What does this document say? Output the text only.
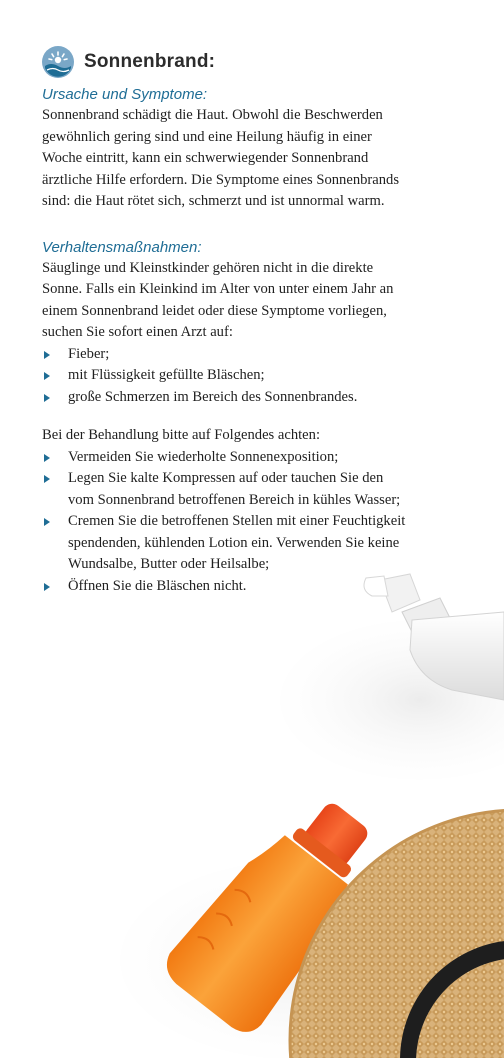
Sonnenbrand:

Ursache und Symptome:

Sonnenbrand schädigt die Haut. Obwohl die Beschwerden
gewöhnlich gering sind und eine Heilung häufig in einer
Woche eintritt, kann ein schwerwiegender Sonnenbrand
ärztliche Hilfe erfordern. Die Symptome eines Sonnenbrands
sind: die Haut rötet sich, schmerzt und ist unnormal warm.

Verhaltensmaßnahmen:

Säuglinge und Kleinstkinder gehören nicht in die direkte
Sonne. Falls ein Kleinkind im Alter von unter einem Jahr an
einem Sonnenbrand leidet oder diese Symptome vorliegen,
suchen Sie sofort einen Arzt auf:
Fieber;
mit Flüssigkeit gefüllte Bläschen;
große Schmerzen im Bereich des Sonnenbrandes.
Bei der Behandlung bitte auf Folgendes achten:
Vermeiden Sie wiederholte Sonnenexposition;
Legen Sie kalte Kompressen auf oder tauchen Sie den
vom Sonnenbrand betroffenen Bereich in kühles Wasser;
Cremen Sie die betroffenen Stellen mit einer Feuchtigkeit
spendenden, kühlenden Lotion ein. Verwenden Sie keine
Wundsalbe, Butter oder Heilsalbe;
Öffnen Sie die Bläschen nicht.
